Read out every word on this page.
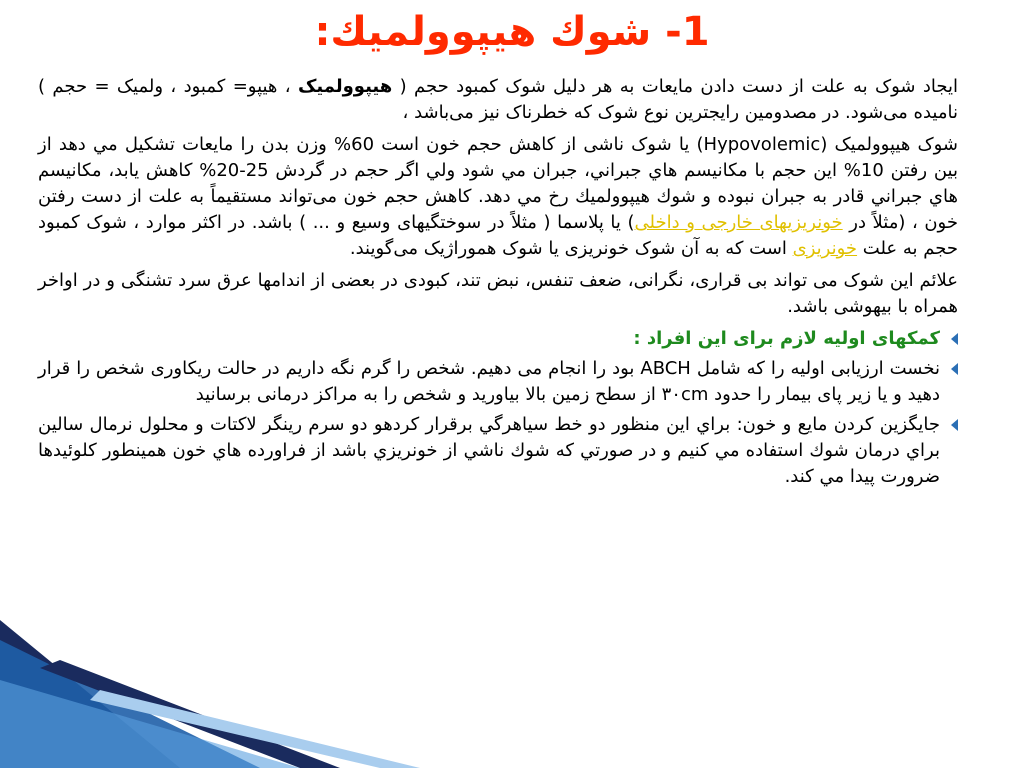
1- شوك هيپوولميك:

ایجاد شوک به علت از دست دادن مایعات به هر دلیل شوک کمبود حجم ( هیپوولمیک ، هیپو= کمبود ، ولمیک = حجم ) نامیده می‌شود. در مصدومین رایجترین نوع شوک که خطرناک نیز می‌باشد ،

شوک هیپوولمیک (Hypovolemic) یا شوک ناشی از کاهش حجم خون است 60% وزن بدن را مایعات تشکیل مي دهد از بين رفتن 10% اين حجم با مکانيسم هاي جبراني، جبران مي شود ولي اگر حجم در گردش 25-20% کاهش یابد، مکانيسم هاي جبراني قادر به جبران نبوده و شوك هيپوولميك رخ مي دهد. کاهش حجم خون می‌تواند مستقیماً به علت از دست رفتن خون ، (مثلاً در خونریزیهای خارجی و داخلی) یا پلاسما ( مثلاً در سوختگیهای وسیع و ... ) باشد. در اکثر موارد ، شوک کمبود حجم به علت خونریزی است که به آن شوک خونریزی یا شوک هموراژیک می‌گویند.

علائم این شوک می تواند بی قراری، نگرانی، ضعف تنفس، نبض تند، کبودی در بعضی از اندامها عرق سرد تشنگی و در اواخر همراه با بیهوشی باشد.

کمکهای اولیه لازم برای این افراد :
نخست ارزیابی اولیه را که شامل ABCH بود را انجام می دهیم. شخص را گرم نگه داریم در حالت ریکاوری شخص را قرار دهید و یا زیر پای بیمار را حدود ۳۰cm از سطح زمین بالا بیاورید و شخص را به مراکز درمانی برسانید
جايگزين کردن مايع و خون: براي اين منظور دو خط سياهرگي برقرار کردهو دو سرم رينگر لاکتات و محلول نرمال سالين براي درمان شوك استفاده مي کنيم و در صورتي که شوك ناشي از خونريزي باشد از فراورده هاي خون همينطور کلوئيدها ضرورت پيدا مي کند.
